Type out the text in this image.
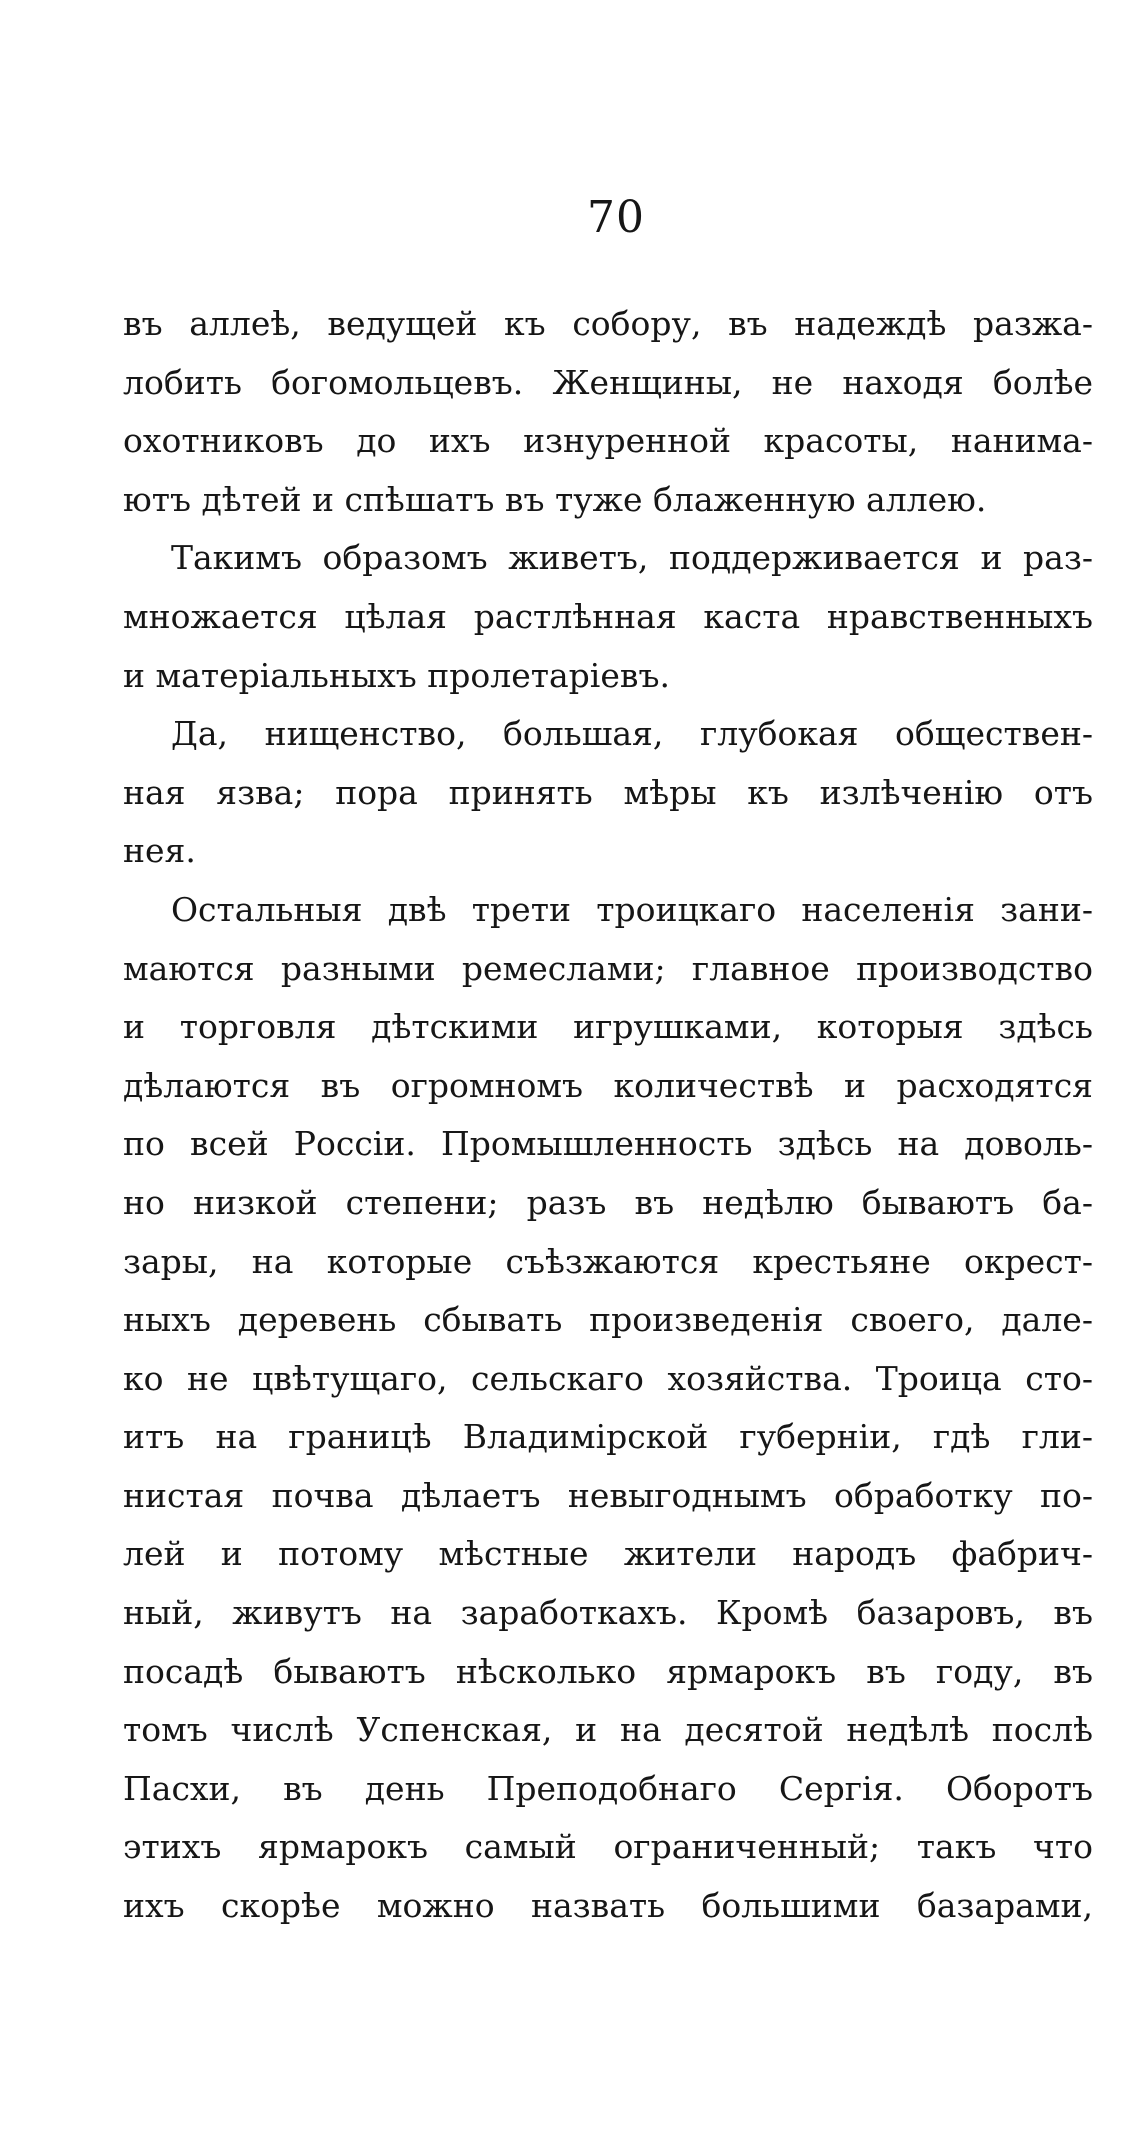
70
въ аллеѣ, ведущей къ собору, въ надеждѣ разжа-
лобить богомольцевъ. Женщины, не находя болѣе
охотниковъ до ихъ изнуренной красоты, нанима-
ютъ дѣтей и спѣшатъ въ туже блаженную аллею.
Такимъ образомъ живетъ, поддерживается и раз-
множается цѣлая растлѣнная каста нравственныхъ
и матеріальныхъ пролетаріевъ.
Да, нищенство, большая, глубокая обществен-
ная язва; пора принять мѣры къ излѣченію отъ
нея.
Остальныя двѣ трети троицкаго населенія зани-
маются разными ремеслами; главное производство
и торговля дѣтскими игрушками, которыя здѣсь
дѣлаются въ огромномъ количествѣ и расходятся
по всей Россіи. Промышленность здѣсь на доволь-
но низкой степени; разъ въ недѣлю бываютъ ба-
зары, на которые съѣзжаются крестьяне окрест-
ныхъ деревень сбывать произведенія своего, дале-
ко не цвѣтущаго, сельскаго хозяйства. Троица сто-
итъ на границѣ Владимірской губерніи, гдѣ гли-
нистая почва дѣлаетъ невыгоднымъ обработку по-
лей и потому мѣстные жители народъ фабрич-
ный, живутъ на заработкахъ. Кромѣ базаровъ, въ
посадѣ бываютъ нѣсколько ярмарокъ въ году, въ
томъ числѣ Успенская, и на десятой недѣлѣ послѣ
Пасхи, въ день Преподобнаго Сергія. Оборотъ
этихъ ярмарокъ самый ограниченный; такъ что
ихъ скорѣе можно назвать большими базарами,
